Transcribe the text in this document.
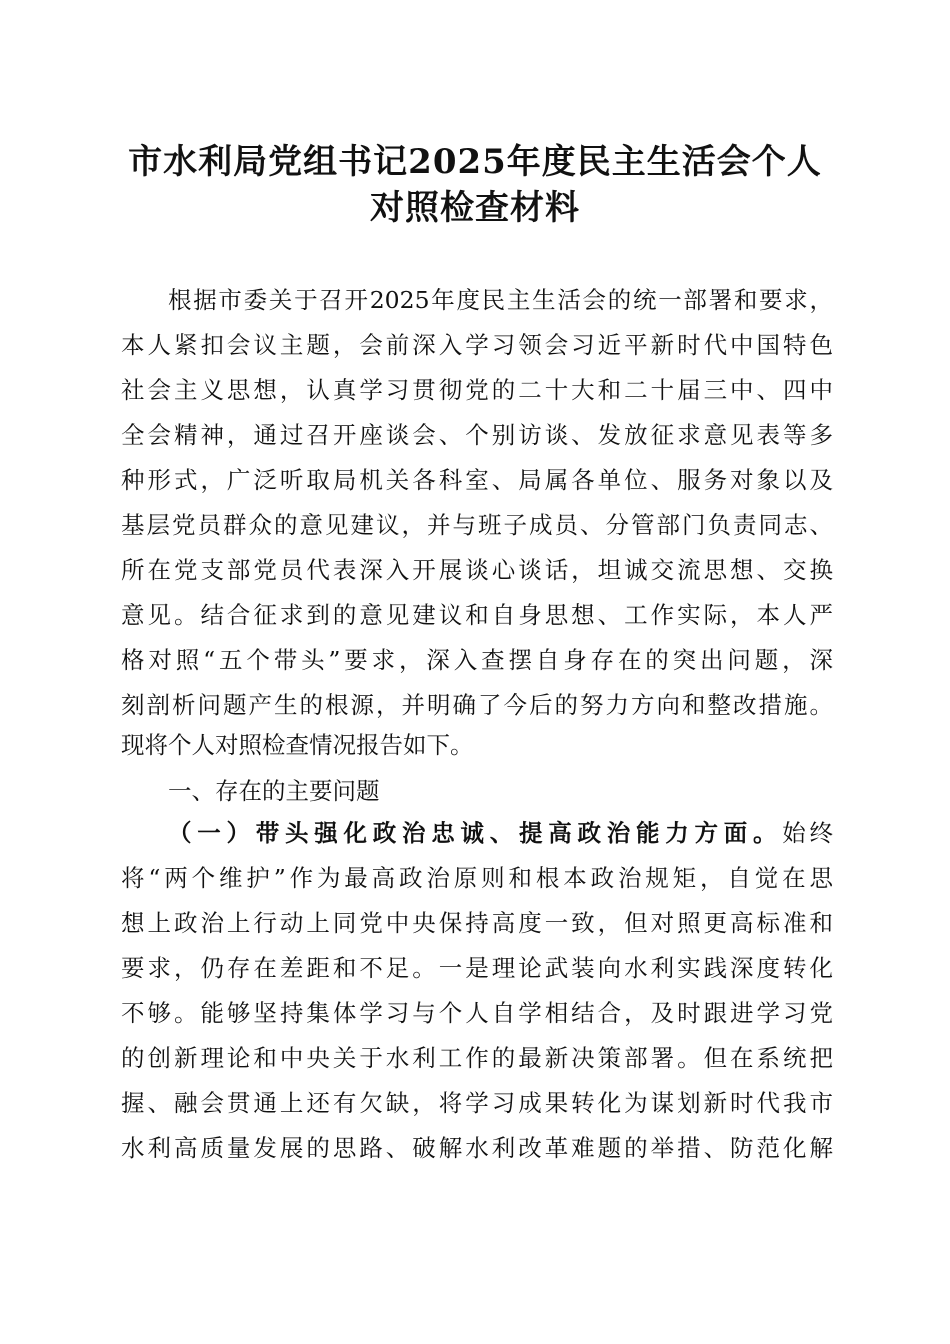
市水利局党组书记2025年度民主生活会个人
对照检查材料
根据市委关于召开2025年度民主生活会的统一部署和要求，
本人紧扣会议主题，会前深入学习领会习近平新时代中国特色
社会主义思想，认真学习贯彻党的二十大和二十届三中、四中
全会精神，通过召开座谈会、个别访谈、发放征求意见表等多
种形式，广泛听取局机关各科室、局属各单位、服务对象以及
基层党员群众的意见建议，并与班子成员、分管部门负责同志、
所在党支部党员代表深入开展谈心谈话，坦诚交流思想、交换
意见。结合征求到的意见建议和自身思想、工作实际，本人严
格对照“五个带头”要求，深入查摆自身存在的突出问题，深
刻剖析问题产生的根源，并明确了今后的努力方向和整改措施。
现将个人对照检查情况报告如下。
一、存在的主要问题
（一）带头强化政治忠诚、提高政治能力方面。始终
将“两个维护”作为最高政治原则和根本政治规矩，自觉在思
想上政治上行动上同党中央保持高度一致，但对照更高标准和
要求，仍存在差距和不足。一是理论武装向水利实践深度转化
不够。能够坚持集体学习与个人自学相结合，及时跟进学习党
的创新理论和中央关于水利工作的最新决策部署。但在系统把
握、融会贯通上还有欠缺，将学习成果转化为谋划新时代我市
水利高质量发展的思路、破解水利改革难题的举措、防范化解
